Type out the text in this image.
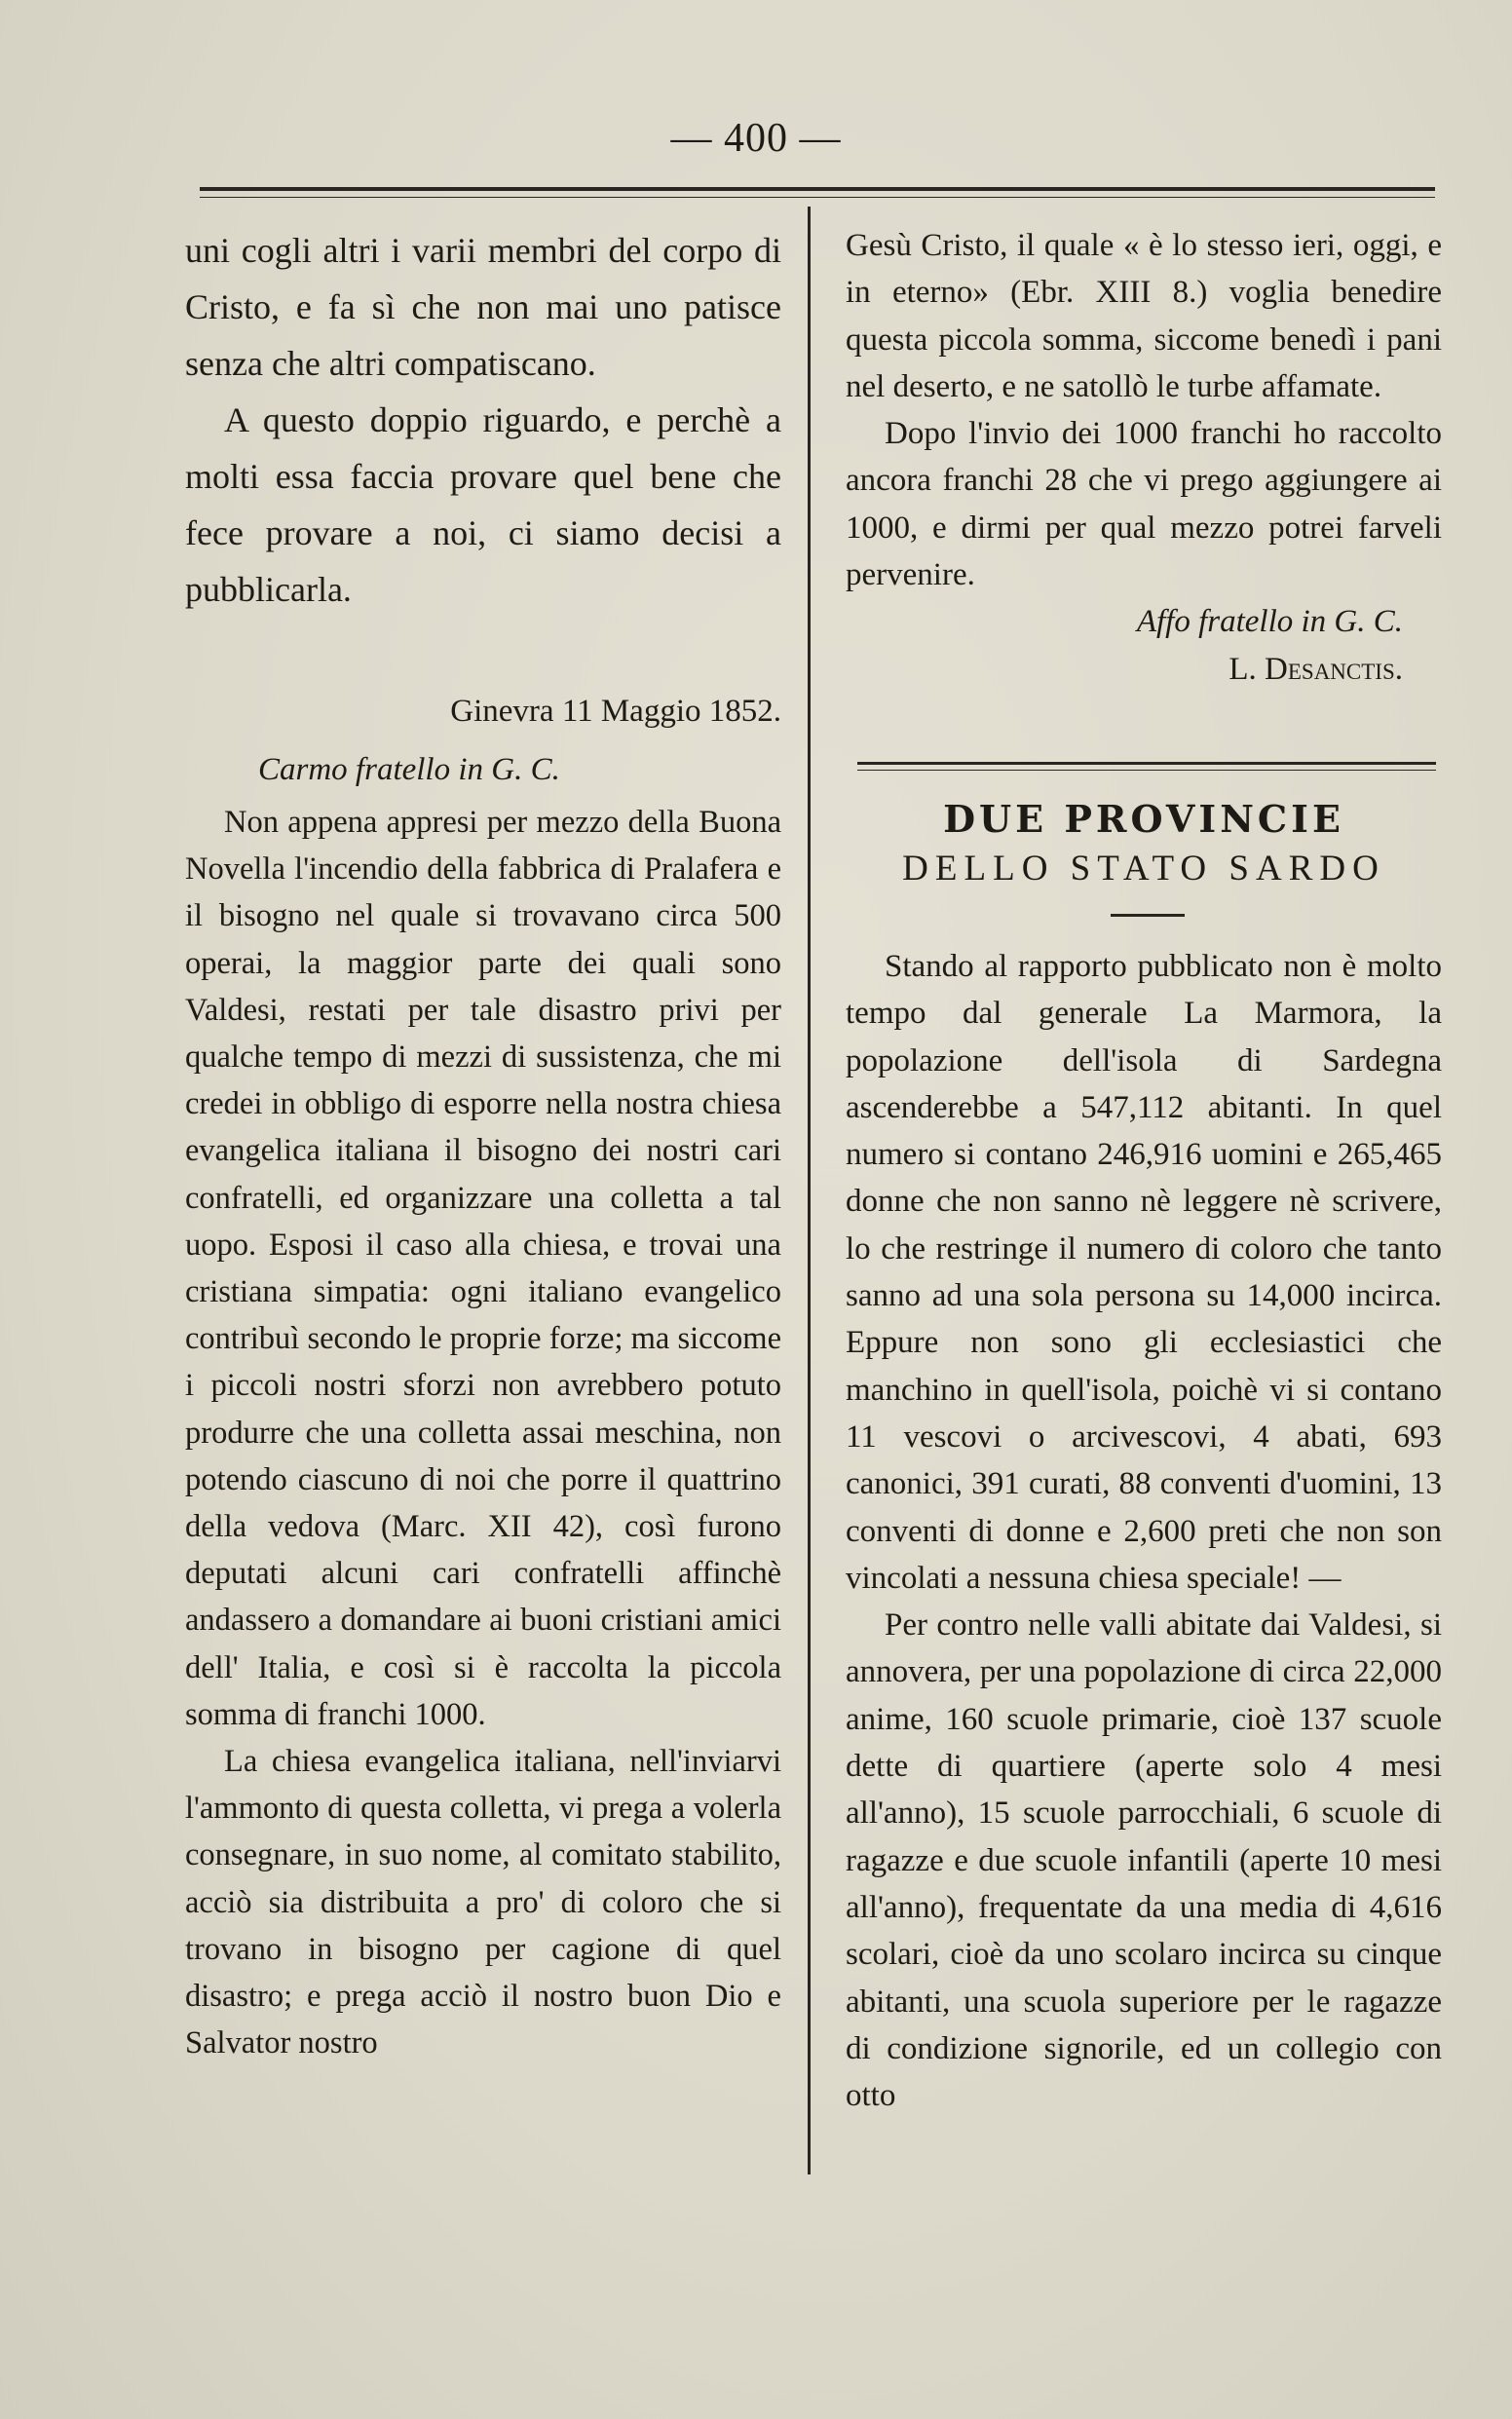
— 400 —

uni cogli altri i varii membri del corpo di Cristo, e fa sì che non mai uno patisce senza che altri compatiscano.

A questo doppio riguardo, e perchè a molti essa faccia provare quel bene che fece provare a noi, ci siamo decisi a pubblicarla.

Ginevra 11 Maggio 1852.

Carmo fratello in G. C.

Non appena appresi per mezzo della Buona Novella l'incendio della fabbrica di Pralafera e il bisogno nel quale si trovavano circa 500 operai, la maggior parte dei quali sono Valdesi, restati per tale disastro privi per qualche tempo di mezzi di sussistenza, che mi credei in obbligo di esporre nella nostra chiesa evangelica italiana il bisogno dei nostri cari confratelli, ed organizzare una colletta a tal uopo. Esposi il caso alla chiesa, e trovai una cristiana simpatia: ogni italiano evangelico contribuì secondo le proprie forze; ma siccome i piccoli nostri sforzi non avrebbero potuto produrre che una colletta assai meschina, non potendo ciascuno di noi che porre il quattrino della vedova (Marc. XII 42), così furono deputati alcuni cari confratelli affinchè andassero a domandare ai buoni cristiani amici dell' Italia, e così si è raccolta la piccola somma di franchi 1000.

La chiesa evangelica italiana, nell'inviarvi l'ammonto di questa colletta, vi prega a volerla consegnare, in suo nome, al comitato stabilito, acciò sia distribuita a pro' di coloro che si trovano in bisogno per cagione di quel disastro; e prega acciò il nostro buon Dio e Salvator nostro

Gesù Cristo, il quale « è lo stesso ieri, oggi, e in eterno» (Ebr. XIII 8.) voglia benedire questa piccola somma, siccome benedì i pani nel deserto, e ne satollò le turbe affamate.

Dopo l'invio dei 1000 franchi ho raccolto ancora franchi 28 che vi prego aggiungere ai 1000, e dirmi per qual mezzo potrei farveli pervenire.

Affo fratello in G. C.

L. Desanctis.

DUE PROVINCIE
DELLO STATO SARDO

Stando al rapporto pubblicato non è molto tempo dal generale La Marmora, la popolazione dell'isola di Sardegna ascenderebbe a 547,112 abitanti. In quel numero si contano 246,916 uomini e 265,465 donne che non sanno nè leggere nè scrivere, lo che restringe il numero di coloro che tanto sanno ad una sola persona su 14,000 incirca. Eppure non sono gli ecclesiastici che manchino in quell'isola, poichè vi si contano 11 vescovi o arcivescovi, 4 abati, 693 canonici, 391 curati, 88 conventi d'uomini, 13 conventi di donne e 2,600 preti che non son vincolati a nessuna chiesa speciale! —

Per contro nelle valli abitate dai Valdesi, si annovera, per una popolazione di circa 22,000 anime, 160 scuole primarie, cioè 137 scuole dette di quartiere (aperte solo 4 mesi all'anno), 15 scuole parrocchiali, 6 scuole di ragazze e due scuole infantili (aperte 10 mesi all'anno), frequentate da una media di 4,616 scolari, cioè da uno scolaro incirca su cinque abitanti, una scuola superiore per le ragazze di condizione signorile, ed un collegio con otto
